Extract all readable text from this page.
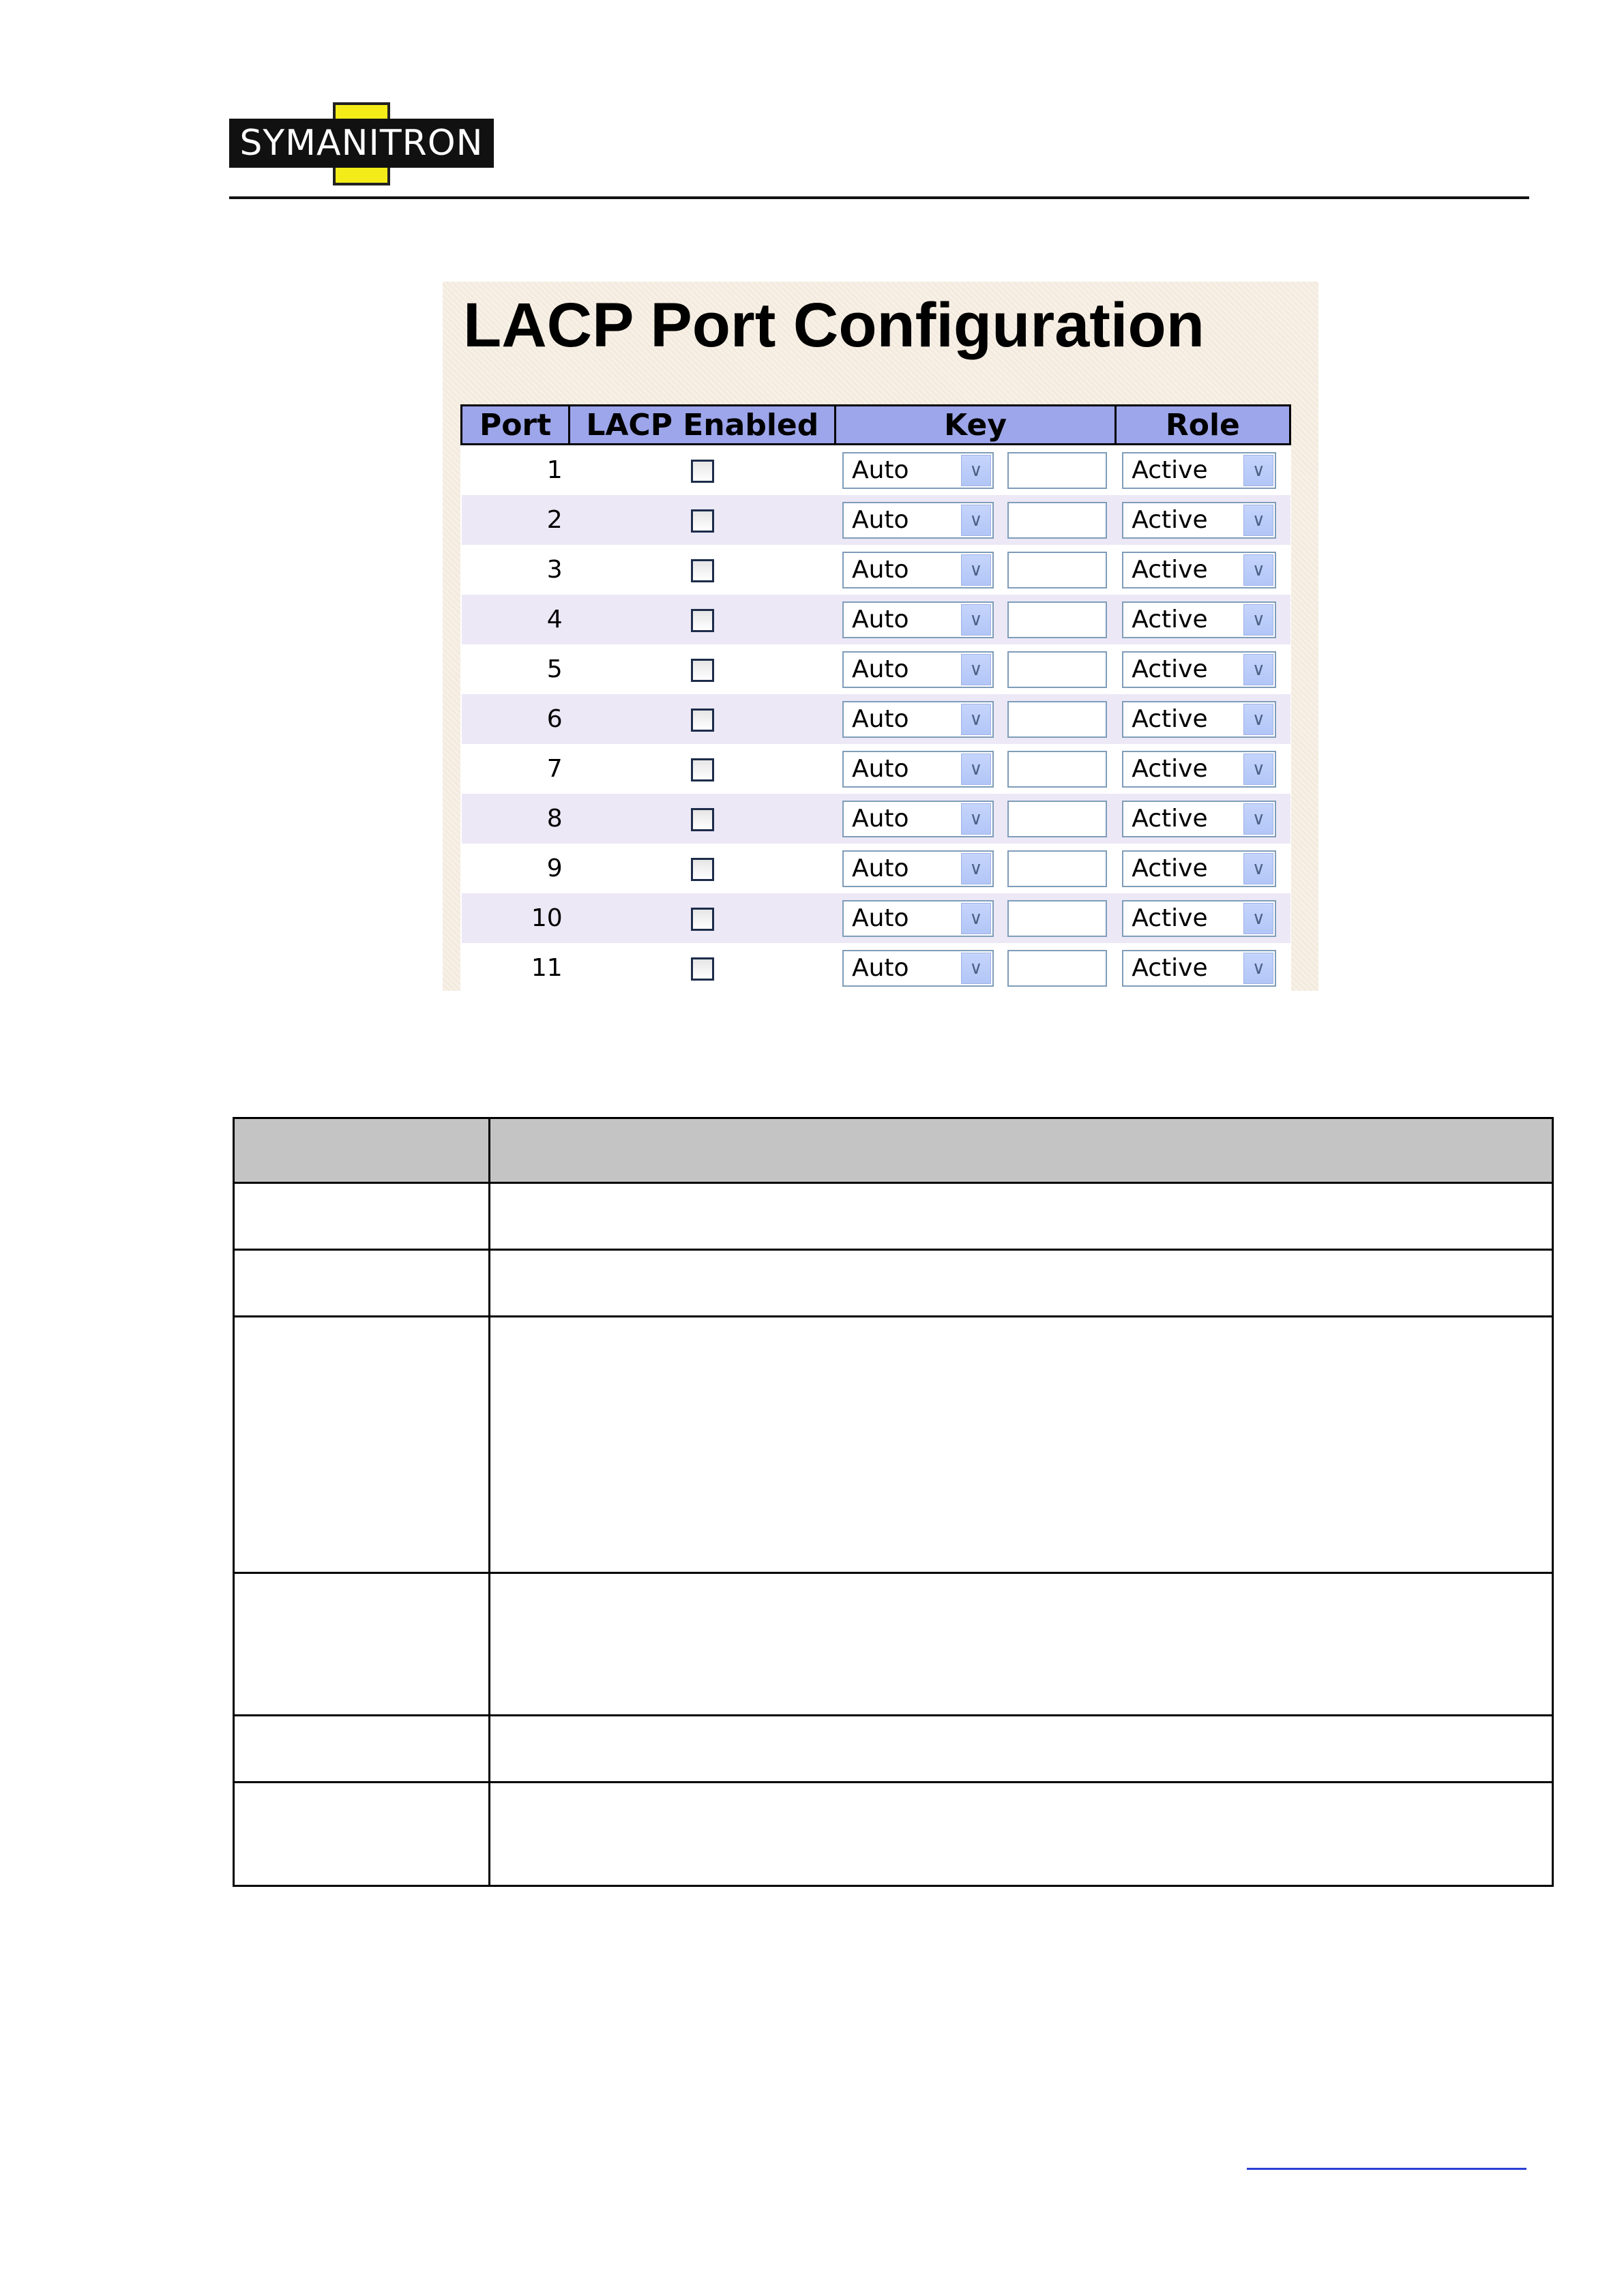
SYMANITRON
LACP Port Configuration
Port	LACP Enabled	Key	Role
1		Auto ∨	Active ∨

2		Auto ∨	Active ∨

3		Auto ∨	Active ∨

4		Auto ∨	Active ∨

5		Auto ∨	Active ∨

6		Auto ∨	Active ∨

7		Auto ∨	Active ∨

8		Auto ∨	Active ∨

9		Auto ∨	Active ∨

10		Auto ∨	Active ∨

11		Auto ∨	Active ∨
